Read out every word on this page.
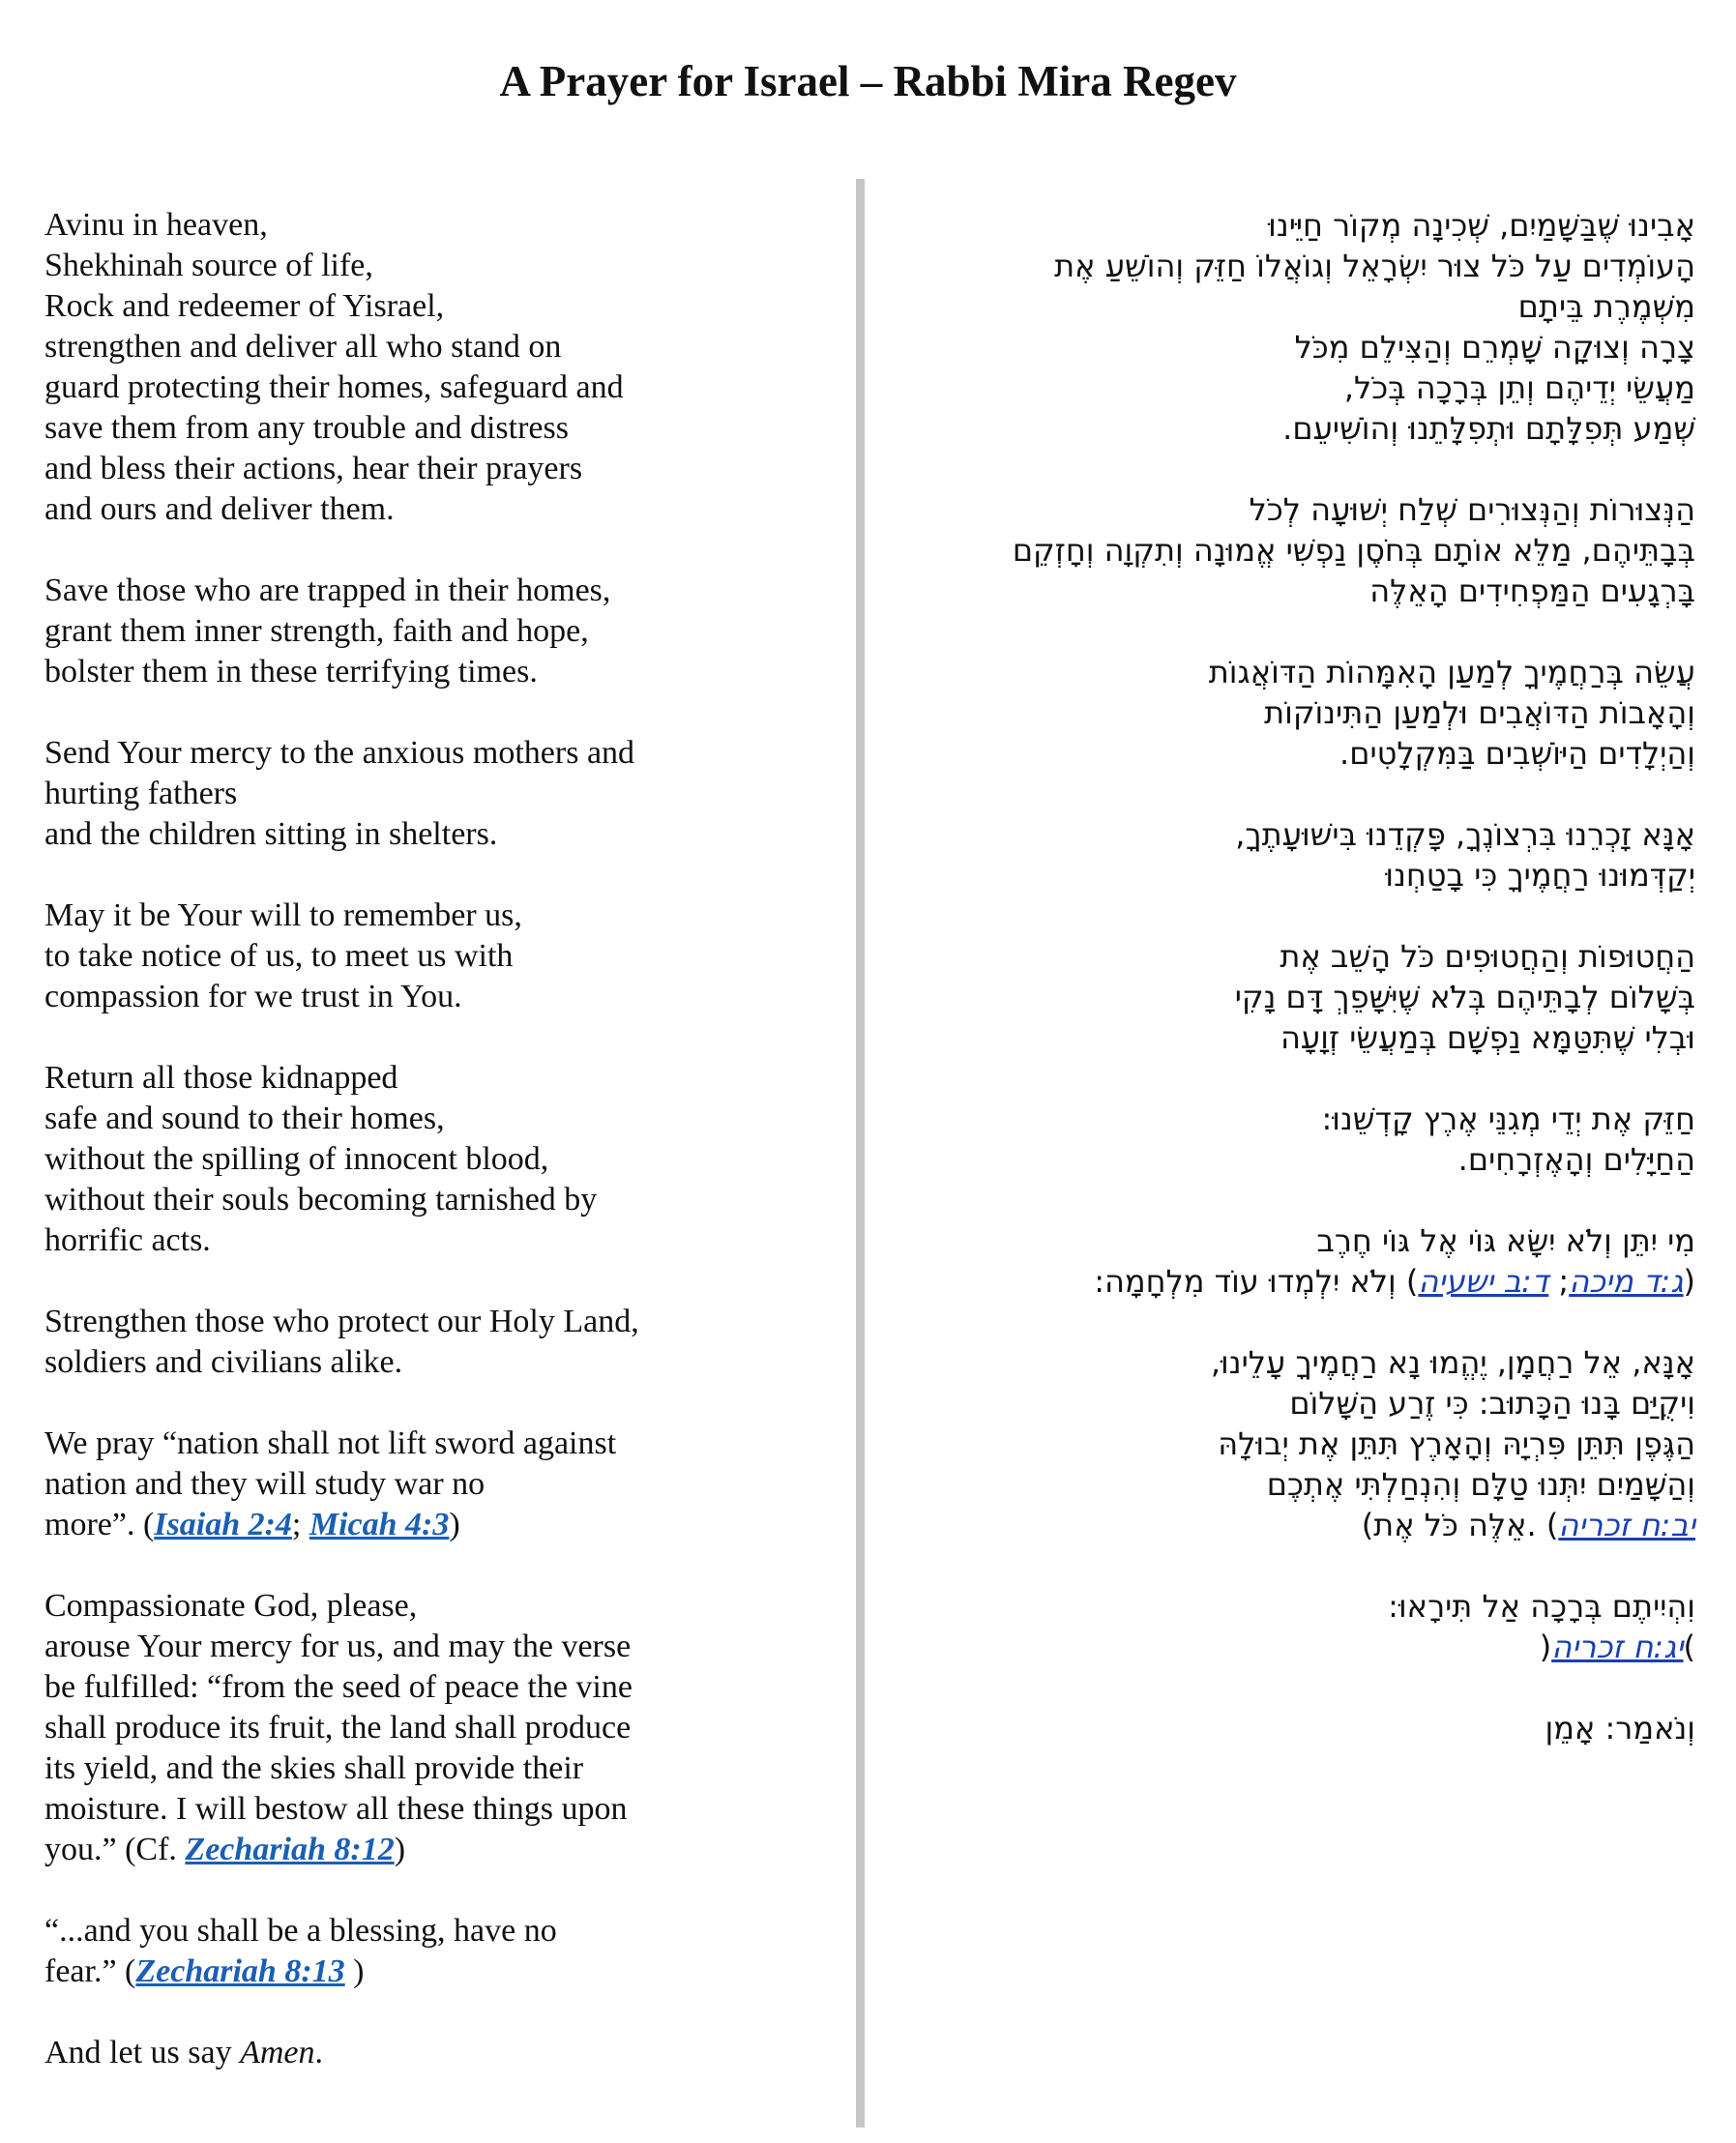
A Prayer for Israel – Rabbi Mira Regev

Avinu in heaven,
Shekhinah source of life,
Rock and redeemer of Yisrael,
strengthen and deliver all who stand on
guard protecting their homes, safeguard and
save them from any trouble and distress
and bless their actions, hear their prayers
and ours and deliver them.

Save those who are trapped in their homes,
grant them inner strength, faith and hope,
bolster them in these terrifying times.

Send Your mercy to the anxious mothers and
hurting fathers
and the children sitting in shelters.

May it be Your will to remember us,
to take notice of us, to meet us with
compassion for we trust in You.

Return all those kidnapped
safe and sound to their homes,
without the spilling of innocent blood,
without their souls becoming tarnished by
horrific acts.

Strengthen those who protect our Holy Land,
soldiers and civilians alike.

We pray “nation shall not lift sword against
nation and they will study war no
more”. (Isaiah 2:4; Micah 4:3)

Compassionate God, please,
arouse Your mercy for us, and may the verse
be fulfilled: “from the seed of peace the vine
shall produce its fruit, the land shall produce
its yield, and the skies shall provide their
moisture. I will bestow all these things upon
you.” (Cf. Zechariah 8:12)

“...and you shall be a blessing, have no
fear.” (Zechariah 8:13 )

And let us say Amen.

אָבִינוּ שֶׁבַּשָּׁמַיִם, שְׁכִינָה מְקוֹר חַיֵּינוּ
הָעוֹמְדִים עַל כֹּל צוּר יִשְׂרָאֵל וְגוֹאֲלוֹ חַזֵּק וְהוֹשֵׁעַ אֶת
מִשְׁמֶרֶת בֵּיתָם
צָרָה וְצוּקָה שָׁמְרֵם וְהַצִּילֵם מִכֹּל
מַעֲשֵׂי יְדֵיהֶם וְתֵן בְּרָכָה בְּכֹל,
שְׁמַע תְּפִלָּתָם וּתְפִלָּתֵנוּ וְהוֹשִׁיעֵם.

הַנְּצוּרוֹת וְהַנְּצוּרִים שְׁלַח יְשׁוּעָה לְכֹל
בְּבָתֵּיהֶם, מַלֵּא אוֹתָם בְּחֹסֶן נַפְשִׁי אֱמוּנָה וְתִקְוָה וְחָזְקֵם
בָּרְגָעִים הַמַּפְחִידִים הָאֵלֶּה

עֲשֵׂה בְּרַחֲמֶיךָ לְמַעַן הָאִמָּהוֹת הַדּוֹאֲגוֹת
וְהָאָבוֹת הַדּוֹאֲבִים וּלְמַעַן הַתִּינוֹקוֹת
וְהַיְלָדִים הַיּוֹשְׁבִים בַּמִּקְלָטִים.

אָנָּא זָכְרֵנוּ בִּרְצוֹנֶךָ, פָּקְדֵנוּ בִּישׁוּעָתֶךָ,
יְקַדְּמוּנוּ רַחֲמֶיךָ כִּי בָטַחְנוּ

הַחֲטוּפוֹת וְהַחֲטוּפִים כֹּל הָשֵׁב אֶת
בְּשָׁלוֹם לְבָתֵּיהֶם בְּלֹא שֶׁיִּשָּׁפֵךְ דָּם נָקִי
וּבְלִי שֶׁתִּטַּמָּא נַפְשָׁם בְּמַעֲשֵׂי זְוָעָה

חַזֵּק אֶת יְדֵי מְגִנֵּי אֶרֶץ קָדְשֵׁנוּ:
הַחַיָּלִים וְהָאֶזְרָחִים.

מִי יִתֵּן וְלֹא יִשָּׂא גּוֹי אֶל גּוֹי חֶרֶב
(ג:ד מיכה; ד:ב ישעיה) וְלֹא יִלְמְדוּ עוֹד מִלְחָמָה:

אָנָּא, אֵל רַחֲמָן, יֶהֱמוּ נָא רַחֲמֶיךָ עָלֵינוּ,
וִיקֻיַּם בָּנוּ הַכָּתוּב: כִּי זֶרַע הַשָּׁלוֹם
הַגֶּפֶן תִּתֵּן פִּרְיָהּ וְהָאָרֶץ תִּתֵּן אֶת יְבוּלָהּ
וְהַשָּׁמַיִם יִתְּנוּ טַלָּם וְהִנְחַלְתִּי אֶתְכֶם
יב:ח זכריה) .אֵלֶּה כֹּל אֶת)

וִהְיִיתֶם בְּרָכָה אַל תִּירָאוּ:
)יג:ח זכריה(

וְנֹאמַר: אָמֵן
